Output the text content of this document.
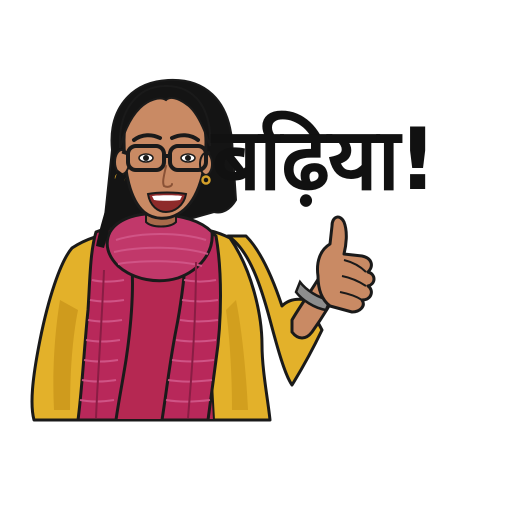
बढ़िया!
